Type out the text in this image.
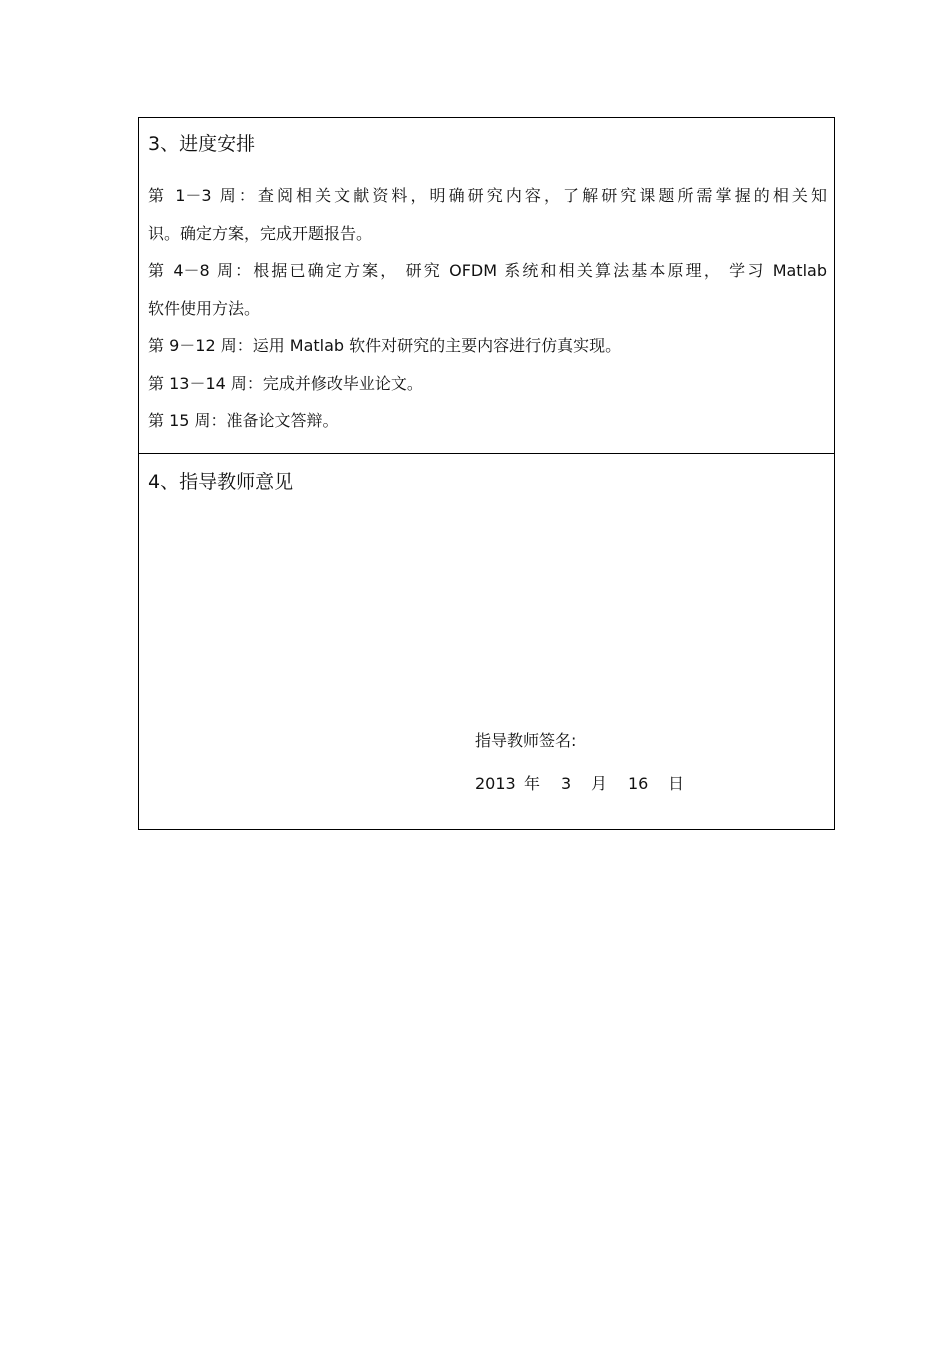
3、进度安排
第 1－3 周：查阅相关文献资料，明确研究内容，了解研究课题所需掌握的相关知
识。确定方案，完成开题报告。
第 4－8 周：根据已确定方案， 研究 OFDM 系统和相关算法基本原理， 学习 Matlab
软件使用方法。
第 9－12 周：运用 Matlab 软件对研究的主要内容进行仿真实现。
第 13－14 周：完成并修改毕业论文。
第 15 周：准备论文答辩。
4、指导教师意见
指导教师签名:
2013 年 3 月 16 日
